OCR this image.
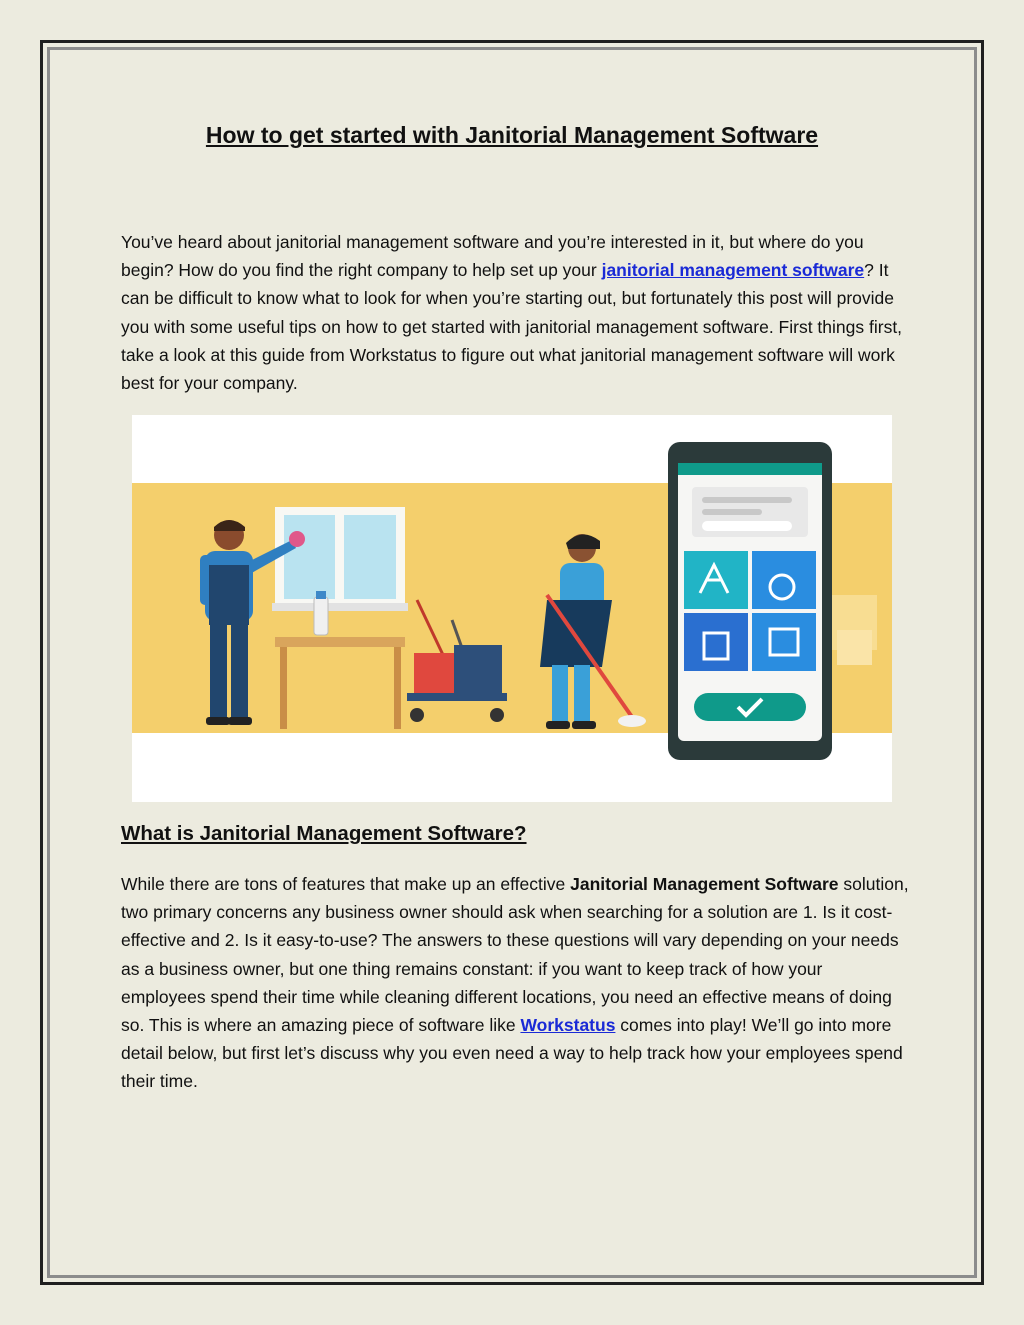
How to get started with Janitorial Management Software

You’ve heard about janitorial management software and you’re interested in it, but where do you begin? How do you find the right company to help set up your janitorial management software? It can be difficult to know what to look for when you’re starting out, but fortunately this post will provide you with some useful tips on how to get started with janitorial management software. First things first, take a look at this guide from Workstatus to figure out what janitorial management software will work best for your company.

What is Janitorial Management Software?

While there are tons of features that make up an effective Janitorial Management Software solution, two primary concerns any business owner should ask when searching for a solution are 1. Is it cost-effective and 2. Is it easy-to-use? The answers to these questions will vary depending on your needs as a business owner, but one thing remains constant: if you want to keep track of how your employees spend their time while cleaning different locations, you need an effective means of doing so. This is where an amazing piece of software like Workstatus comes into play! We’ll go into more detail below, but first let’s discuss why you even need a way to help track how your employees spend their time.
